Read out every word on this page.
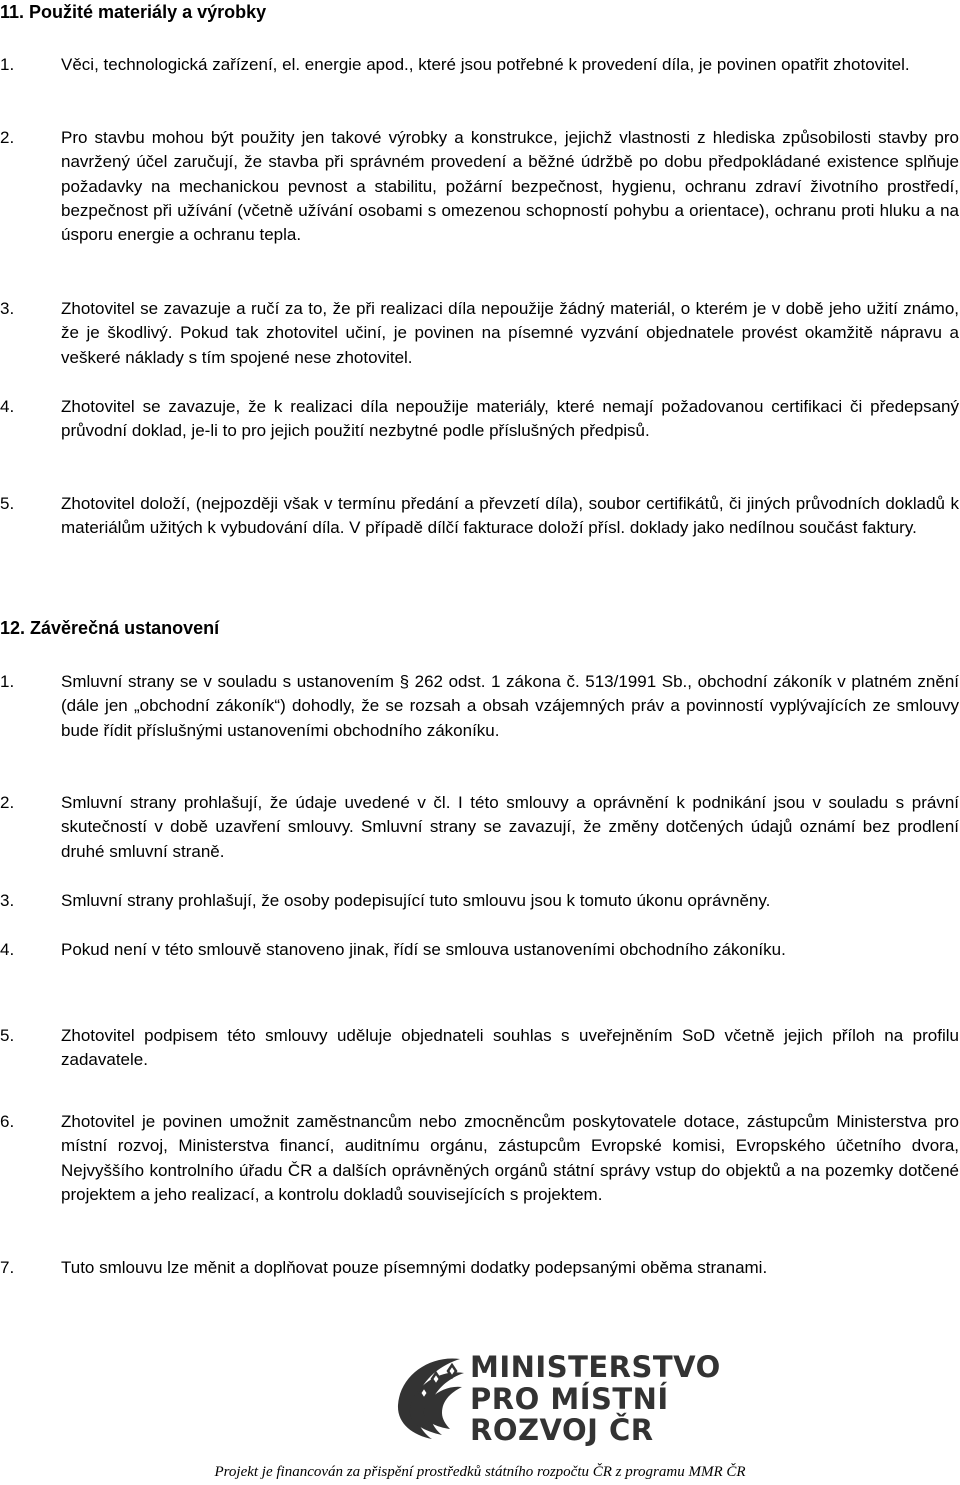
11. Použité materiály a výrobky
1.	Věci, technologická zařízení, el. energie apod., které jsou potřebné k provedení díla, je povinen opatřit zhotovitel.
2.	Pro stavbu mohou být použity jen takové výrobky a konstrukce, jejichž vlastnosti z hlediska způsobilosti stavby pro navržený účel zaručují, že stavba při správném provedení a běžné údržbě po dobu předpokládané existence splňuje požadavky na mechanickou pevnost a stabilitu, požární bezpečnost, hygienu, ochranu zdraví životního prostředí, bezpečnost při užívání (včetně užívání osobami s omezenou schopností pohybu a orientace), ochranu proti hluku a na úsporu energie a ochranu tepla.
3.	Zhotovitel se zavazuje a ručí za to, že při realizaci díla nepoužije žádný materiál, o kterém je v době jeho užití známo, že je škodlivý. Pokud tak zhotovitel učiní, je povinen na písemné vyzvání objednatele provést okamžitě nápravu a veškeré náklady s tím spojené nese zhotovitel.
4.	Zhotovitel se zavazuje, že k realizaci díla nepoužije materiály, které nemají požadovanou certifikaci či předepsaný průvodní doklad, je-li to pro jejich použití nezbytné podle příslušných předpisů.
5.	Zhotovitel doloží, (nejpozději však v termínu předání a převzetí díla), soubor certifikátů, či jiných průvodních dokladů k materiálům užitých k vybudování díla. V případě dílčí fakturace doloží přísl. doklady jako nedílnou součást faktury.
12. Závěrečná ustanovení
1.	Smluvní strany se v souladu s ustanovením § 262 odst. 1 zákona č. 513/1991 Sb., obchodní zákoník v platném znění (dále jen „obchodní zákoník“) dohodly, že se rozsah a obsah vzájemných práv a povinností vyplývajících ze smlouvy bude řídit příslušnými ustanoveními obchodního zákoníku.
2.	Smluvní strany prohlašují, že údaje uvedené v čl. I této smlouvy a oprávnění k podnikání jsou v souladu s právní skutečností v době uzavření smlouvy. Smluvní strany se zavazují, že změny dotčených údajů oznámí bez prodlení druhé smluvní straně.
3.	Smluvní strany prohlašují, že osoby podepisující tuto smlouvu jsou k tomuto úkonu oprávněny.
4.	Pokud není v této smlouvě stanoveno jinak, řídí se smlouva ustanoveními obchodního zákoníku.
5.	Zhotovitel podpisem této smlouvy uděluje objednateli souhlas s uveřejněním SoD včetně jejich příloh na profilu zadavatele.
6.	Zhotovitel je povinen umožnit zaměstnancům nebo zmocněncům poskytovatele dotace, zástupcům Ministerstva pro místní rozvoj, Ministerstva financí, auditnímu orgánu, zástupcům Evropské komisi, Evropského účetního dvora, Nejvyššího kontrolního úřadu ČR a dalších oprávněných orgánů státní správy vstup do objektů a na pozemky dotčené projektem a jeho realizací, a kontrolu dokladů souvisejících s projektem.
7.	Tuto smlouvu lze měnit a doplňovat pouze písemnými dodatky podepsanými oběma stranami.
MINISTERSTVO
PRO MÍSTNÍ
ROZVOJ ČR
Projekt je financován za přispění prostředků státního rozpočtu ČR z programu MMR ČR
